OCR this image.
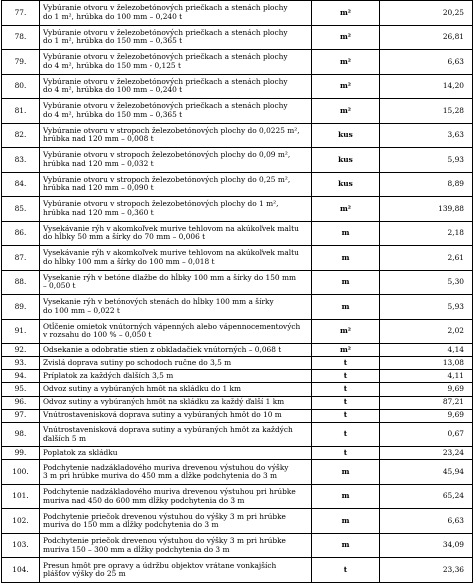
77.	Vybúranie otvoru v železobetónových priečkach a stenách plochy
do 1 m², hrúbka do 100 mm – 0,240 t	m²	20,25
78.	Vybúranie otvoru v železobetónových priečkach a stenách plochy
do 1 m², hrúbka do 150 mm – 0,365 t	m²	26,81
79.	Vybúranie otvoru v železobetónových priečkach a stenách plochy
do 4 m², hrúbka do 150 mm - 0,125 t	m²	6,63
80.	Vybúranie otvoru v železobetónových priečkach a stenách plochy
do 4 m², hrúbka do 100 mm – 0,240 t	m²	14,20
81.	Vybúranie otvoru v železobetónových priečkach a stenách plochy
do 4 m², hrúbka do 150 mm – 0,365 t	m²	15,28
82.	Vybúranie otvoru v stropoch železobetónových plochy do 0,0225 m²,
hrúbka nad 120 mm – 0,008 t	kus	3,63
83.	Vybúranie otvoru v stropoch železobetónových plochy do 0,09 m²,
hrúbka nad 120 mm – 0,032 t	kus	5,93
84.	Vybúranie otvoru v stropoch železobetónových plochy do 0,25 m²,
hrúbka nad 120 mm – 0,090 t	kus	8,89
85.	Vybúranie otvoru v stropoch železobetónových plochy do 1 m²,
hrúbka nad 120 mm – 0,360 t	m²	139,88
86.	Vysekávanie rýh v akomkoľvek murive tehlovom na akúkoľvek maltu
do hĺbky 50 mm a šírky do 70 mm – 0,006 t	m	2,18
87.	Vysekávanie rýh v akomkoľvek murive tehlovom na akúkoľvek maltu
do hĺbky 100 mm a šírky do 100 mm – 0,018 t	m	2,61
88.	Vysekanie rýh v betóne dlažbe do hĺbky 100 mm a šírky do 150 mm
– 0,050 t	m	5,30
89.	Vysekanie rýh v betónových stenách do hĺbky 100 mm a šírky
do 100 mm – 0,022 t	m	5,93
91.	Otĺčenie omietok vnútorných vápenných alebo vápennocementových
v rozsahu do 100 % – 0,050 t	m²	2,02
92.	Odsekanie a odobratie stien z obkladačiek vnútorných – 0,068 t	m²	4,14
93.	Zvislá doprava sutiny po schodoch ručne do 3,5 m	t	13,08
94.	Príplatok za každých ďalších 3,5 m	t	4,11
95.	Odvoz sutiny a vybúraných hmôt na skládku do 1 km	t	9,69
96.	Odvoz sutiny a vybúraných hmôt na skládku za každý ďalší 1 km	t	87,21
97.	Vnútrostavenisková doprava sutiny a vybúraných hmôt do 10 m	t	9,69
98.	Vnútrostavenisková doprava sutiny a vybúraných hmôt za každých
ďalších 5 m	t	0,67
99.	Poplatok za skládku	t	23,24
100.	Podchytenie nadzákladového muriva drevenou výstuhou do výšky
3 m pri hrúbke muriva do 450 mm a dĺžke podchytenia do 3 m	m	45,94
101.	Podchytenie nadzákladového muriva drevenou výstuhou pri hrúbke
muriva nad 450 do 600 mm dĺžky podchytenia do 3 m	m	65,24
102.	Podchytenie priečok drevenou výstuhou do výšky 3 m pri hrúbke
muriva do 150 mm a dĺžky podchytenia do 3 m	m	6,63
103.	Podchytenie priečok drevenou výstuhou do výšky 3 m pri hrúbke
muriva 150 – 300 mm a dĺžky podchytenia do 3 m	m	34,09
104.	Presun hmôt pre opravy a údržbu objektov vrátane vonkajších
plášťov výšky do 25 m	t	23,36
